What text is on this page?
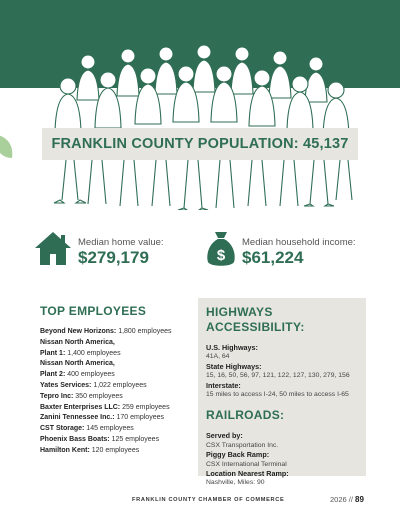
FRANKLIN COUNTY POPULATION: 45,137
Median home value:
$279,179	$
Median household income:
$61,224
TOP EMPLOYEES
Beyond New Horizons: 1,800 employees
Nissan North America,
Plant 1: 1,400 employees
Nissan North America,
Plant 2: 400 employees
Yates Services: 1,022 employees
Tepro Inc: 350 employees
Baxter Enterprises LLC: 259 employees
Zanini Tennessee Inc.: 170 employees
CST Storage: 145 employees
Phoenix Bass Boats: 125 employees
Hamilton Kent: 120 employees
HIGHWAYS
ACCESSIBILITY:
U.S. Highways:
41A, 64
State Highways:
15, 16, 50, 56, 97, 121, 122, 127, 130, 279, 156
Interstate:
15 miles to access I-24, 50 miles to access I-65
RAILROADS:
Served by:
CSX Transportation Inc.
Piggy Back Ramp:
CSX International Terminal
Location Nearest Ramp:
Nashville, Miles: 90
FRANKLIN COUNTY CHAMBER OF COMMERCE	2026 // 89
